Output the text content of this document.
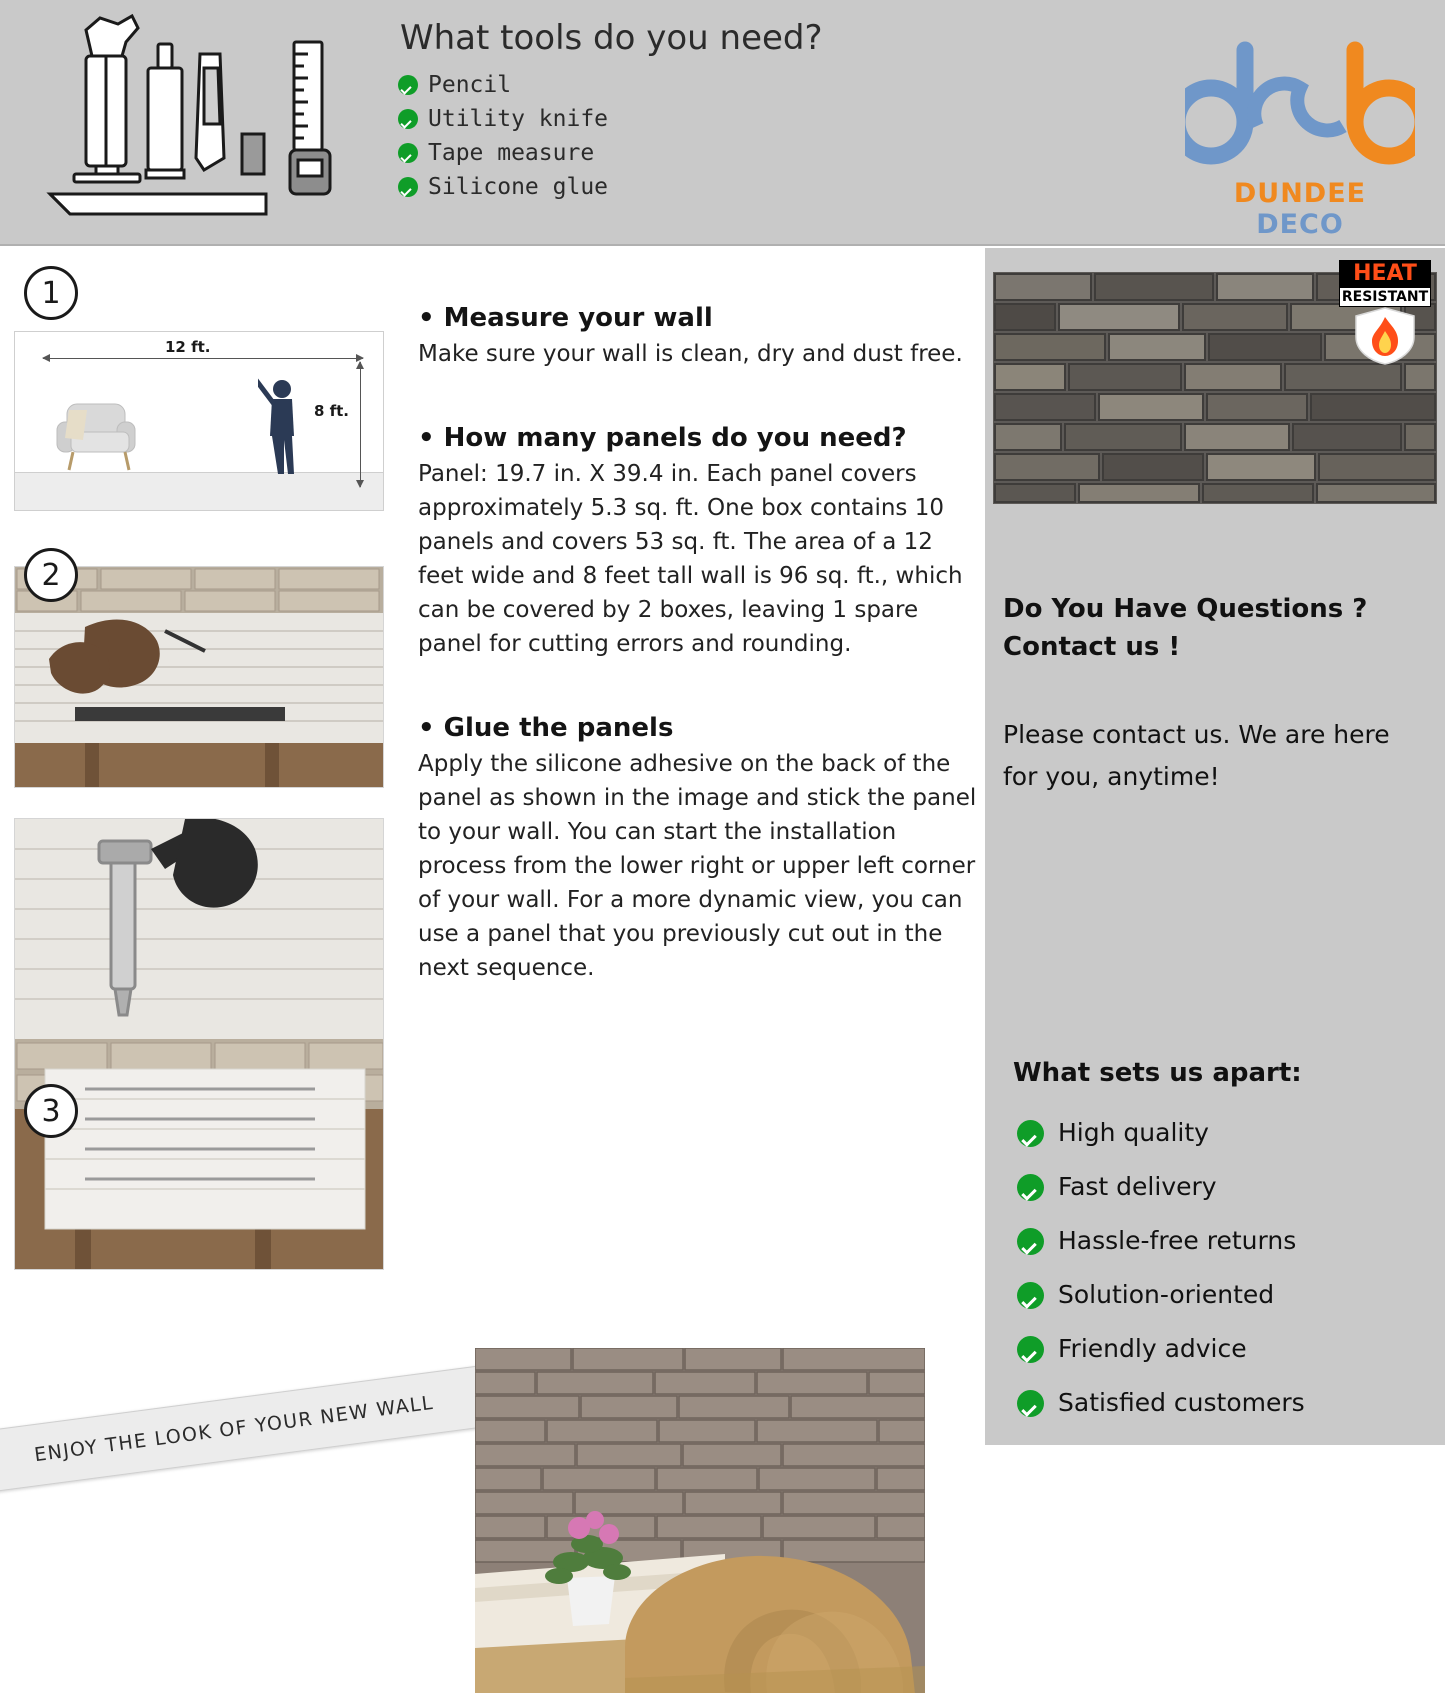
What tools do you need?
Pencil
Utility knife
Tape measure
Silicone glue	DUNDEE DECO
1
12 ft.
8 ft.
2
3

• Measure your wall

Make sure your wall is clean, dry and dust free.

• How many panels do you need?

Panel: 19.7 in. X 39.4 in. Each panel covers approximately 5.3 sq. ft. One box contains 10 panels and covers 53 sq. ft. The area of a 12 feet wide and 8 feet tall wall is 96 sq. ft., which can be covered by 2 boxes, leaving 1 spare panel for cutting errors and rounding.

• Glue the panels

Apply the silicone adhesive on the back of the panel as shown in the image and stick the panel to your wall. You can start the installation process from the lower right or upper left corner of your wall. For a more dynamic view, you can use a panel that you previously cut out in the next sequence.

ENJOY THE LOOK OF YOUR NEW WALL
HEAT
RESISTANT
Do You Have Questions ?
Contact us !
Please contact us. We are here for you, anytime!
What sets us apart:
High quality
Fast delivery
Hassle-free returns
Solution-oriented
Friendly advice
Satisfied customers
